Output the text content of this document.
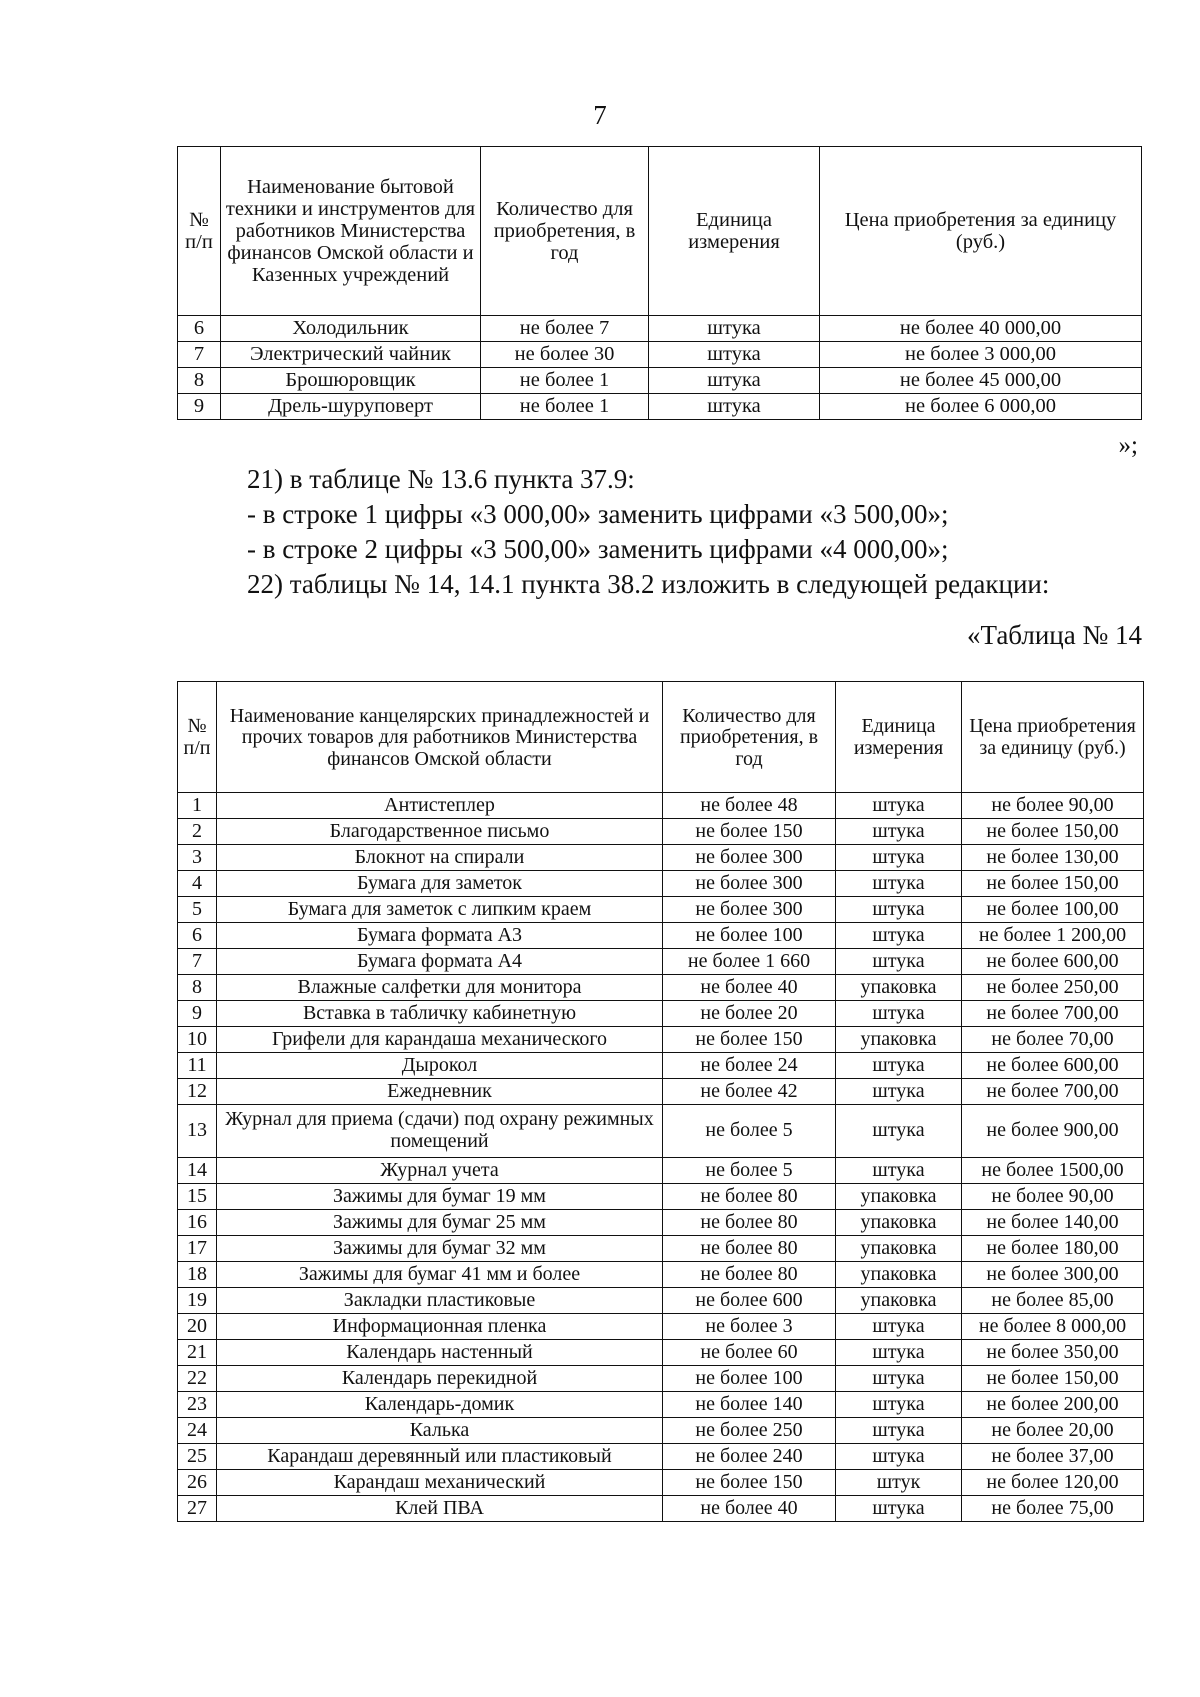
7
№ п/п	Наименование бытовой техники и инструментов для работников Министерства финансов Омской области и Казенных учреждений	Количество для приобретения, в год	Единица измерения	Цена приобретения за единицу (руб.)
6	Холодильник	не более 7	штука	не более 40 000,00
7	Электрический чайник	не более 30	штука	не более 3 000,00
8	Брошюровщик	не более 1	штука	не более 45 000,00
9	Дрель-шуруповерт	не более 1	штука	не более 6 000,00
»;

21) в таблице № 13.6 пункта 37.9:

- в строке 1 цифры «3 000,00» заменить цифрами «3 500,00»;

- в строке 2 цифры «3 500,00» заменить цифрами «4 000,00»;

22) таблицы № 14, 14.1 пункта 38.2 изложить в следующей редакции:

«Таблица № 14
№ п/п	Наименование канцелярских принадлежностей и прочих товаров для работников Министерства финансов Омской области	Количество для приобретения, в год	Единица измерения	Цена приобретения за единицу (руб.)
1	Антистеплер	не более 48	штука	не более 90,00
2	Благодарственное письмо	не более 150	штука	не более 150,00
3	Блокнот на спирали	не более 300	штука	не более 130,00
4	Бумага для заметок	не более 300	штука	не более 150,00
5	Бумага для заметок с липким краем	не более 300	штука	не более 100,00
6	Бумага формата А3	не более 100	штука	не более 1 200,00
7	Бумага формата А4	не более 1 660	штука	не более 600,00
8	Влажные салфетки для монитора	не более 40	упаковка	не более 250,00
9	Вставка в табличку кабинетную	не более 20	штука	не более 700,00
10	Грифели для карандаша механического	не более 150	упаковка	не более 70,00
11	Дырокол	не более 24	штука	не более 600,00
12	Ежедневник	не более 42	штука	не более 700,00
13	Журнал для приема (сдачи) под охрану режимных помещений	не более 5	штука	не более 900,00
14	Журнал учета	не более 5	штука	не более 1500,00
15	Зажимы для бумаг 19 мм	не более 80	упаковка	не более 90,00
16	Зажимы для бумаг 25 мм	не более 80	упаковка	не более 140,00
17	Зажимы для бумаг 32 мм	не более 80	упаковка	не более 180,00
18	Зажимы для бумаг 41 мм и более	не более 80	упаковка	не более 300,00
19	Закладки пластиковые	не более 600	упаковка	не более 85,00
20	Информационная пленка	не более 3	штука	не более 8 000,00
21	Календарь настенный	не более 60	штука	не более 350,00
22	Календарь перекидной	не более 100	штука	не более 150,00
23	Календарь-домик	не более 140	штука	не более 200,00
24	Калька	не более 250	штука	не более 20,00
25	Карандаш деревянный или пластиковый	не более 240	штука	не более 37,00
26	Карандаш механический	не более 150	штук	не более 120,00
27	Клей ПВА	не более 40	штука	не более 75,00
